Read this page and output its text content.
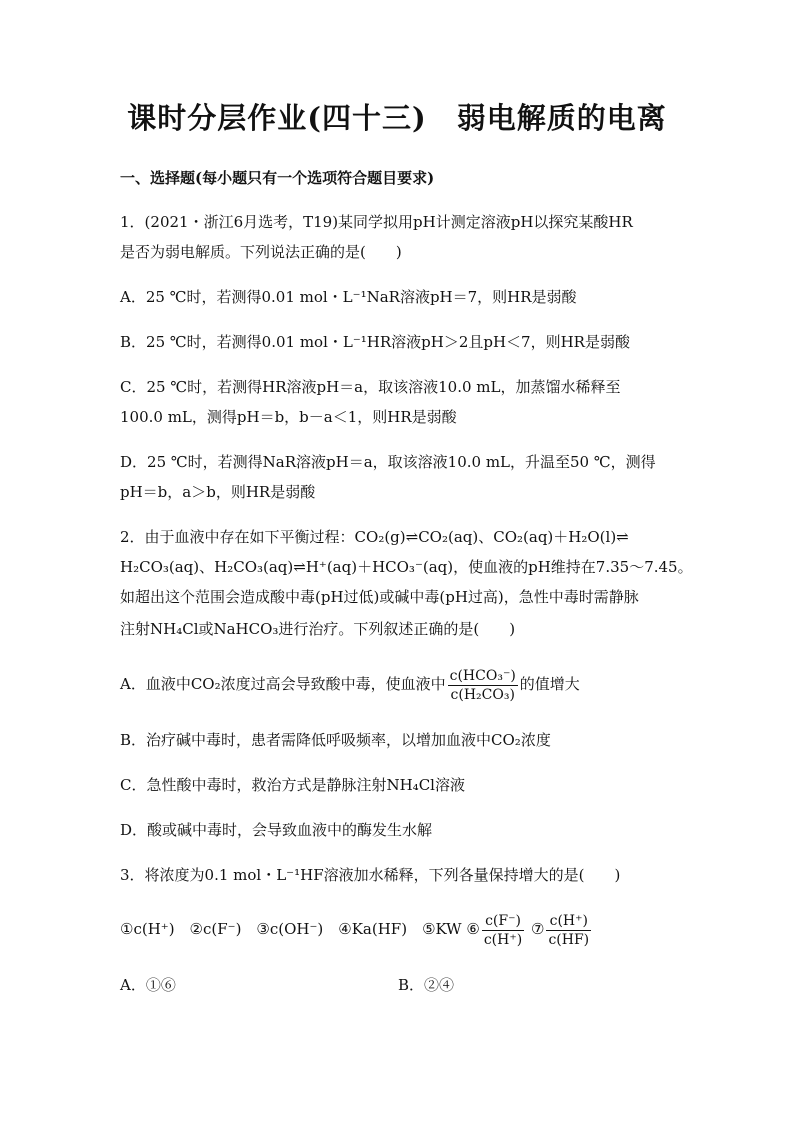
课时分层作业(四十三)　弱电解质的电离
一、选择题(每小题只有一个选项符合题目要求)
1．(2021・浙江6月选考，T19)某同学拟用pH计测定溶液pH以探究某酸HR
是否为弱电解质。下列说法正确的是(　　)
A．25 ℃时，若测得0.01 mol・L⁻¹NaR溶液pH＝7，则HR是弱酸
B．25 ℃时，若测得0.01 mol・L⁻¹HR溶液pH＞2且pH＜7，则HR是弱酸
C．25 ℃时，若测得HR溶液pH＝a，取该溶液10.0 mL，加蒸馏水稀释至
100.0 mL，测得pH＝b，b－a＜1，则HR是弱酸
D．25 ℃时，若测得NaR溶液pH＝a，取该溶液10.0 mL，升温至50 ℃，测得
pH＝b，a＞b，则HR是弱酸
2．由于血液中存在如下平衡过程：CO₂(g)⇌CO₂(aq)、CO₂(aq)＋H₂O(l)⇌
H₂CO₃(aq)、H₂CO₃(aq)⇌H⁺(aq)＋HCO₃⁻(aq)，使血液的pH维持在7.35～7.45。
如超出这个范围会造成酸中毒(pH过低)或碱中毒(pH过高)，急性中毒时需静脉
注射NH₄Cl或NaHCO₃进行治疗。下列叙述正确的是(　　)
A．血液中CO₂浓度过高会导致酸中毒，使血液中 $\frac{\text{c(HCO₃⁻)}}{\text{c(H₂CO₃)}}$ 的值增大
B．治疗碱中毒时，患者需降低呼吸频率，以增加血液中CO₂浓度
C．急性酸中毒时，救治方式是静脉注射NH₄Cl溶液
D．酸或碱中毒时，会导致血液中的酶发生水解
3．将浓度为0.1 mol・L⁻¹HF溶液加水稀释，下列各量保持增大的是(　　)
①c(H⁺)　②c(F⁻)　③c(OH⁻)　④Ka(HF)　⑤KW ⑥ $\frac{c(F^-)}{c(H^+)}$ ⑦ $\frac{c(H^+)}{c(HF)}$
A．①⑥	B．②④
